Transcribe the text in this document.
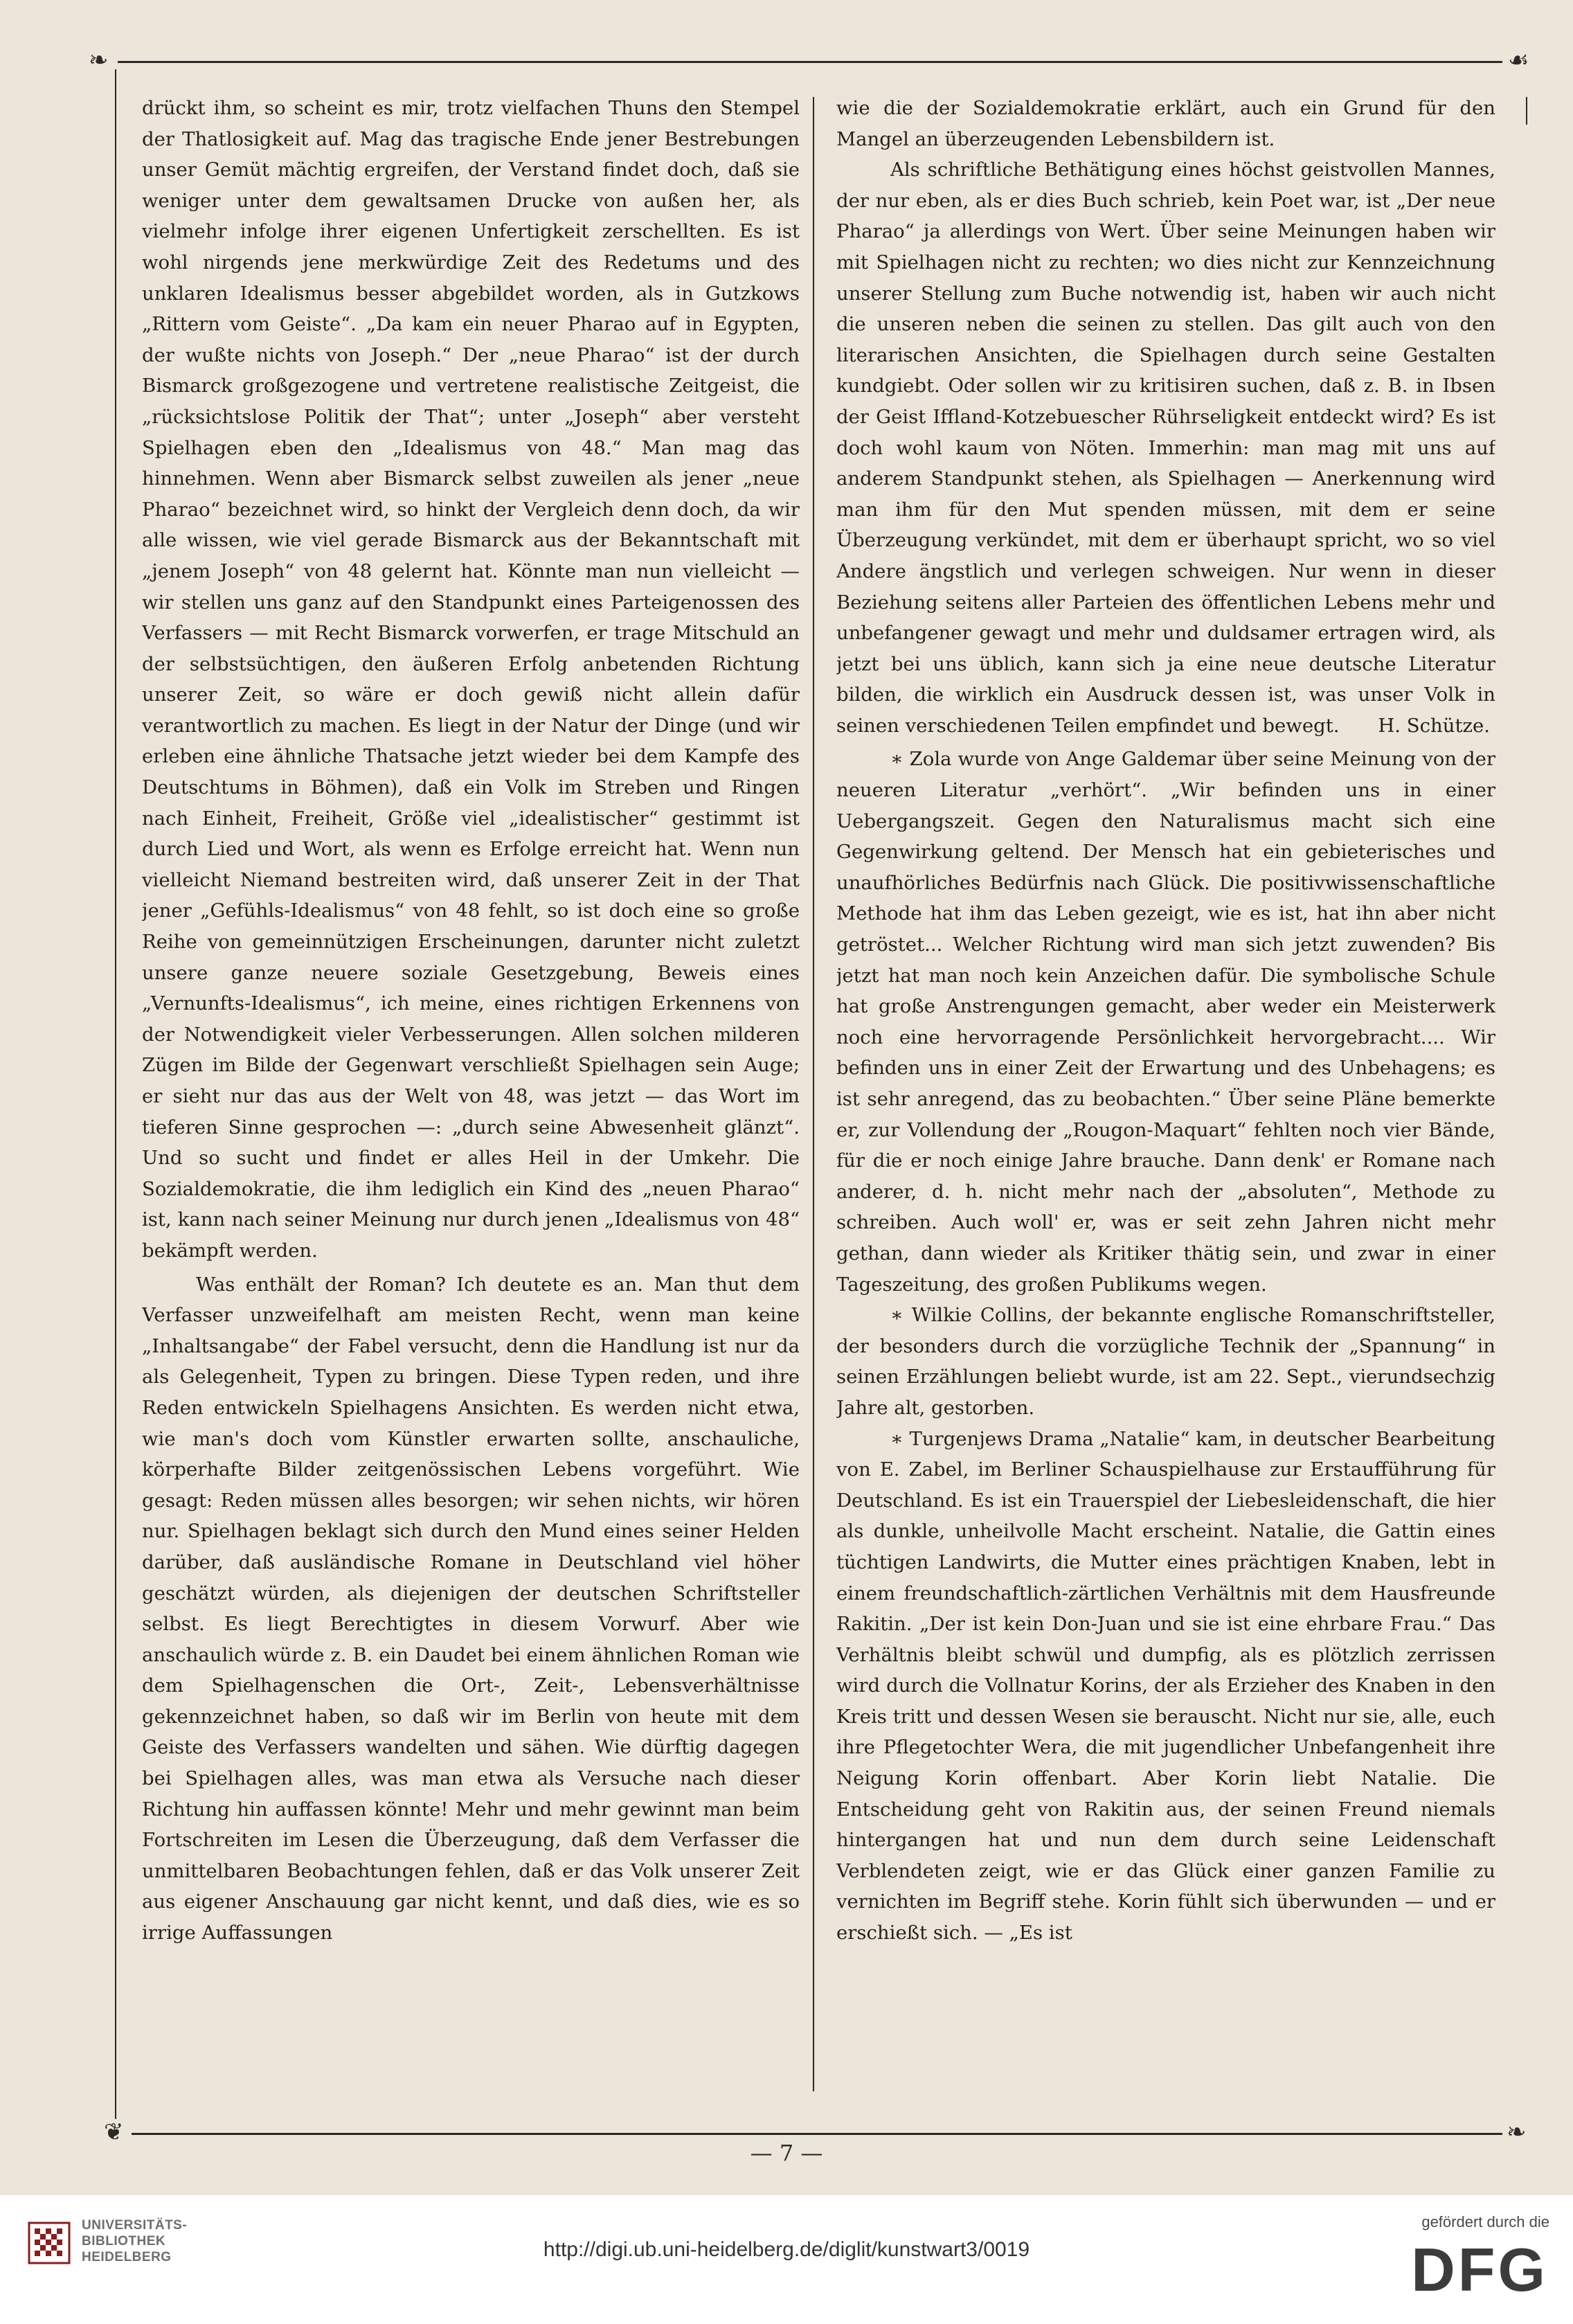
❧	☙

drückt ihm, so scheint es mir, trotz vielfachen Thuns den Stempel der Thatlosigkeit auf. Mag das tragische Ende jener Bestrebungen unser Gemüt mächtig ergreifen, der Verstand findet doch, daß sie weniger unter dem gewaltsamen Drucke von außen her, als vielmehr infolge ihrer eigenen Unfertigkeit zerschellten. Es ist wohl nirgends jene merkwürdige Zeit des Redetums und des unklaren Idealismus besser abgebildet worden, als in Gutzkows „Rittern vom Geiste“. „Da kam ein neuer Pharao auf in Egypten, der wußte nichts von Joseph.“ Der „neue Pharao“ ist der durch Bismarck großgezogene und vertretene realistische Zeitgeist, die „rücksichtslose Politik der That“; unter „Joseph“ aber versteht Spielhagen eben den „Idealismus von 48.“ Man mag das hinnehmen. Wenn aber Bismarck selbst zuweilen als jener „neue Pharao“ bezeichnet wird, so hinkt der Vergleich denn doch, da wir alle wissen, wie viel gerade Bismarck aus der Bekanntschaft mit „jenem Joseph“ von 48 gelernt hat. Könnte man nun vielleicht — wir stellen uns ganz auf den Standpunkt eines Parteigenossen des Verfassers — mit Recht Bismarck vorwerfen, er trage Mitschuld an der selbstsüchtigen, den äußeren Erfolg anbetenden Richtung unserer Zeit, so wäre er doch gewiß nicht allein dafür verantwortlich zu machen. Es liegt in der Natur der Dinge (und wir erleben eine ähnliche Thatsache jetzt wieder bei dem Kampfe des Deutschtums in Böhmen), daß ein Volk im Streben und Ringen nach Einheit, Freiheit, Größe viel „idealistischer“ gestimmt ist durch Lied und Wort, als wenn es Erfolge erreicht hat. Wenn nun vielleicht Niemand bestreiten wird, daß unserer Zeit in der That jener „Gefühls-Idealismus“ von 48 fehlt, so ist doch eine so große Reihe von gemeinnützigen Erscheinungen, darunter nicht zuletzt unsere ganze neuere soziale Gesetzgebung, Beweis eines „Vernunfts-Idealismus“, ich meine, eines richtigen Erkennens von der Notwendigkeit vieler Verbesserungen. Allen solchen milderen Zügen im Bilde der Gegenwart verschließt Spielhagen sein Auge; er sieht nur das aus der Welt von 48, was jetzt — das Wort im tieferen Sinne gesprochen —: „durch seine Abwesenheit glänzt“. Und so sucht und findet er alles Heil in der Umkehr. Die Sozialdemokratie, die ihm lediglich ein Kind des „neuen Pharao“ ist, kann nach seiner Meinung nur durch jenen „Idealismus von 48“ bekämpft werden.

Was enthält der Roman? Ich deutete es an. Man thut dem Verfasser unzweifelhaft am meisten Recht, wenn man keine „Inhaltsangabe“ der Fabel versucht, denn die Handlung ist nur da als Gelegenheit, Typen zu bringen. Diese Typen reden, und ihre Reden entwickeln Spielhagens Ansichten. Es werden nicht etwa, wie man's doch vom Künstler erwarten sollte, anschauliche, körperhafte Bilder zeitgenössischen Lebens vorgeführt. Wie gesagt: Reden müssen alles besorgen; wir sehen nichts, wir hören nur. Spielhagen beklagt sich durch den Mund eines seiner Helden darüber, daß ausländische Romane in Deutschland viel höher geschätzt würden, als diejenigen der deutschen Schriftsteller selbst. Es liegt Berechtigtes in diesem Vorwurf. Aber wie anschaulich würde z. B. ein Daudet bei einem ähnlichen Roman wie dem Spielhagenschen die Ort-, Zeit-, Lebensverhältnisse gekennzeichnet haben, so daß wir im Berlin von heute mit dem Geiste des Verfassers wandelten und sähen. Wie dürftig dagegen bei Spielhagen alles, was man etwa als Versuche nach dieser Richtung hin auffassen könnte! Mehr und mehr gewinnt man beim Fortschreiten im Lesen die Überzeugung, daß dem Verfasser die unmittelbaren Beobachtungen fehlen, daß er das Volk unserer Zeit aus eigener Anschauung gar nicht kennt, und daß dies, wie es so irrige Auffassungen

wie die der Sozialdemokratie erklärt, auch ein Grund für den Mangel an überzeugenden Lebensbildern ist.

Als schriftliche Bethätigung eines höchst geistvollen Mannes, der nur eben, als er dies Buch schrieb, kein Poet war, ist „Der neue Pharao“ ja allerdings von Wert. Über seine Meinungen haben wir mit Spielhagen nicht zu rechten; wo dies nicht zur Kennzeichnung unserer Stellung zum Buche notwendig ist, haben wir auch nicht die unseren neben die seinen zu stellen. Das gilt auch von den literarischen Ansichten, die Spielhagen durch seine Gestalten kundgiebt. Oder sollen wir zu kritisiren suchen, daß z. B. in Ibsen der Geist Iffland-Kotzebuescher Rührseligkeit entdeckt wird? Es ist doch wohl kaum von Nöten. Immerhin: man mag mit uns auf anderem Standpunkt stehen, als Spielhagen — Anerkennung wird man ihm für den Mut spenden müssen, mit dem er seine Überzeugung verkündet, mit dem er überhaupt spricht, wo so viel Andere ängstlich und verlegen schweigen. Nur wenn in dieser Beziehung seitens aller Parteien des öffentlichen Lebens mehr und unbefangener gewagt und mehr und duldsamer ertragen wird, als jetzt bei uns üblich, kann sich ja eine neue deutsche Literatur bilden, die wirklich ein Ausdruck dessen ist, was unser Volk in seinen verschiedenen Teilen empfindet und bewegt.	H. Schütze.

∗ Zola wurde von Ange Galdemar über seine Meinung von der neueren Literatur „verhört“. „Wir befinden uns in einer Uebergangszeit. Gegen den Naturalismus macht sich eine Gegenwirkung geltend. Der Mensch hat ein gebieterisches und unaufhörliches Bedürfnis nach Glück. Die positivwissenschaftliche Methode hat ihm das Leben gezeigt, wie es ist, hat ihn aber nicht getröstet... Welcher Richtung wird man sich jetzt zuwenden? Bis jetzt hat man noch kein Anzeichen dafür. Die symbolische Schule hat große Anstrengungen gemacht, aber weder ein Meisterwerk noch eine hervorragende Persönlichkeit hervorgebracht.... Wir befinden uns in einer Zeit der Erwartung und des Unbehagens; es ist sehr anregend, das zu beobachten.“ Über seine Pläne bemerkte er, zur Vollendung der „Rougon-Maquart“ fehlten noch vier Bände, für die er noch einige Jahre brauche. Dann denk' er Romane nach anderer, d. h. nicht mehr nach der „absoluten“, Methode zu schreiben. Auch woll' er, was er seit zehn Jahren nicht mehr gethan, dann wieder als Kritiker thätig sein, und zwar in einer Tageszeitung, des großen Publikums wegen.

∗ Wilkie Collins, der bekannte englische Romanschriftsteller, der besonders durch die vorzügliche Technik der „Spannung“ in seinen Erzählungen beliebt wurde, ist am 22. Sept., vierundsechzig Jahre alt, gestorben.

∗ Turgenjews Drama „Natalie“ kam, in deutscher Bearbeitung von E. Zabel, im Berliner Schauspielhause zur Erstaufführung für Deutschland. Es ist ein Trauerspiel der Liebesleidenschaft, die hier als dunkle, unheilvolle Macht erscheint. Natalie, die Gattin eines tüchtigen Landwirts, die Mutter eines prächtigen Knaben, lebt in einem freundschaftlich-zärtlichen Verhältnis mit dem Hausfreunde Rakitin. „Der ist kein Don-Juan und sie ist eine ehrbare Frau.“ Das Verhältnis bleibt schwül und dumpfig, als es plötzlich zerrissen wird durch die Vollnatur Korins, der als Erzieher des Knaben in den Kreis tritt und dessen Wesen sie berauscht. Nicht nur sie, alle, euch ihre Pflegetochter Wera, die mit jugendlicher Unbefangenheit ihre Neigung Korin offenbart. Aber Korin liebt Natalie. Die Entscheidung geht von Rakitin aus, der seinen Freund niemals hintergangen hat und nun dem durch seine Leidenschaft Verblendeten zeigt, wie er das Glück einer ganzen Familie zu vernichten im Begriff stehe. Korin fühlt sich überwunden — und er erschießt sich. — „Es ist

❦	❧
— 7 —
UNIVERSITÄTS-
BIBLIOTHEK
HEIDELBERG	http://digi.ub.uni-heidelberg.de/diglit/kunstwart3/0019
gefördert durch die
DFG
